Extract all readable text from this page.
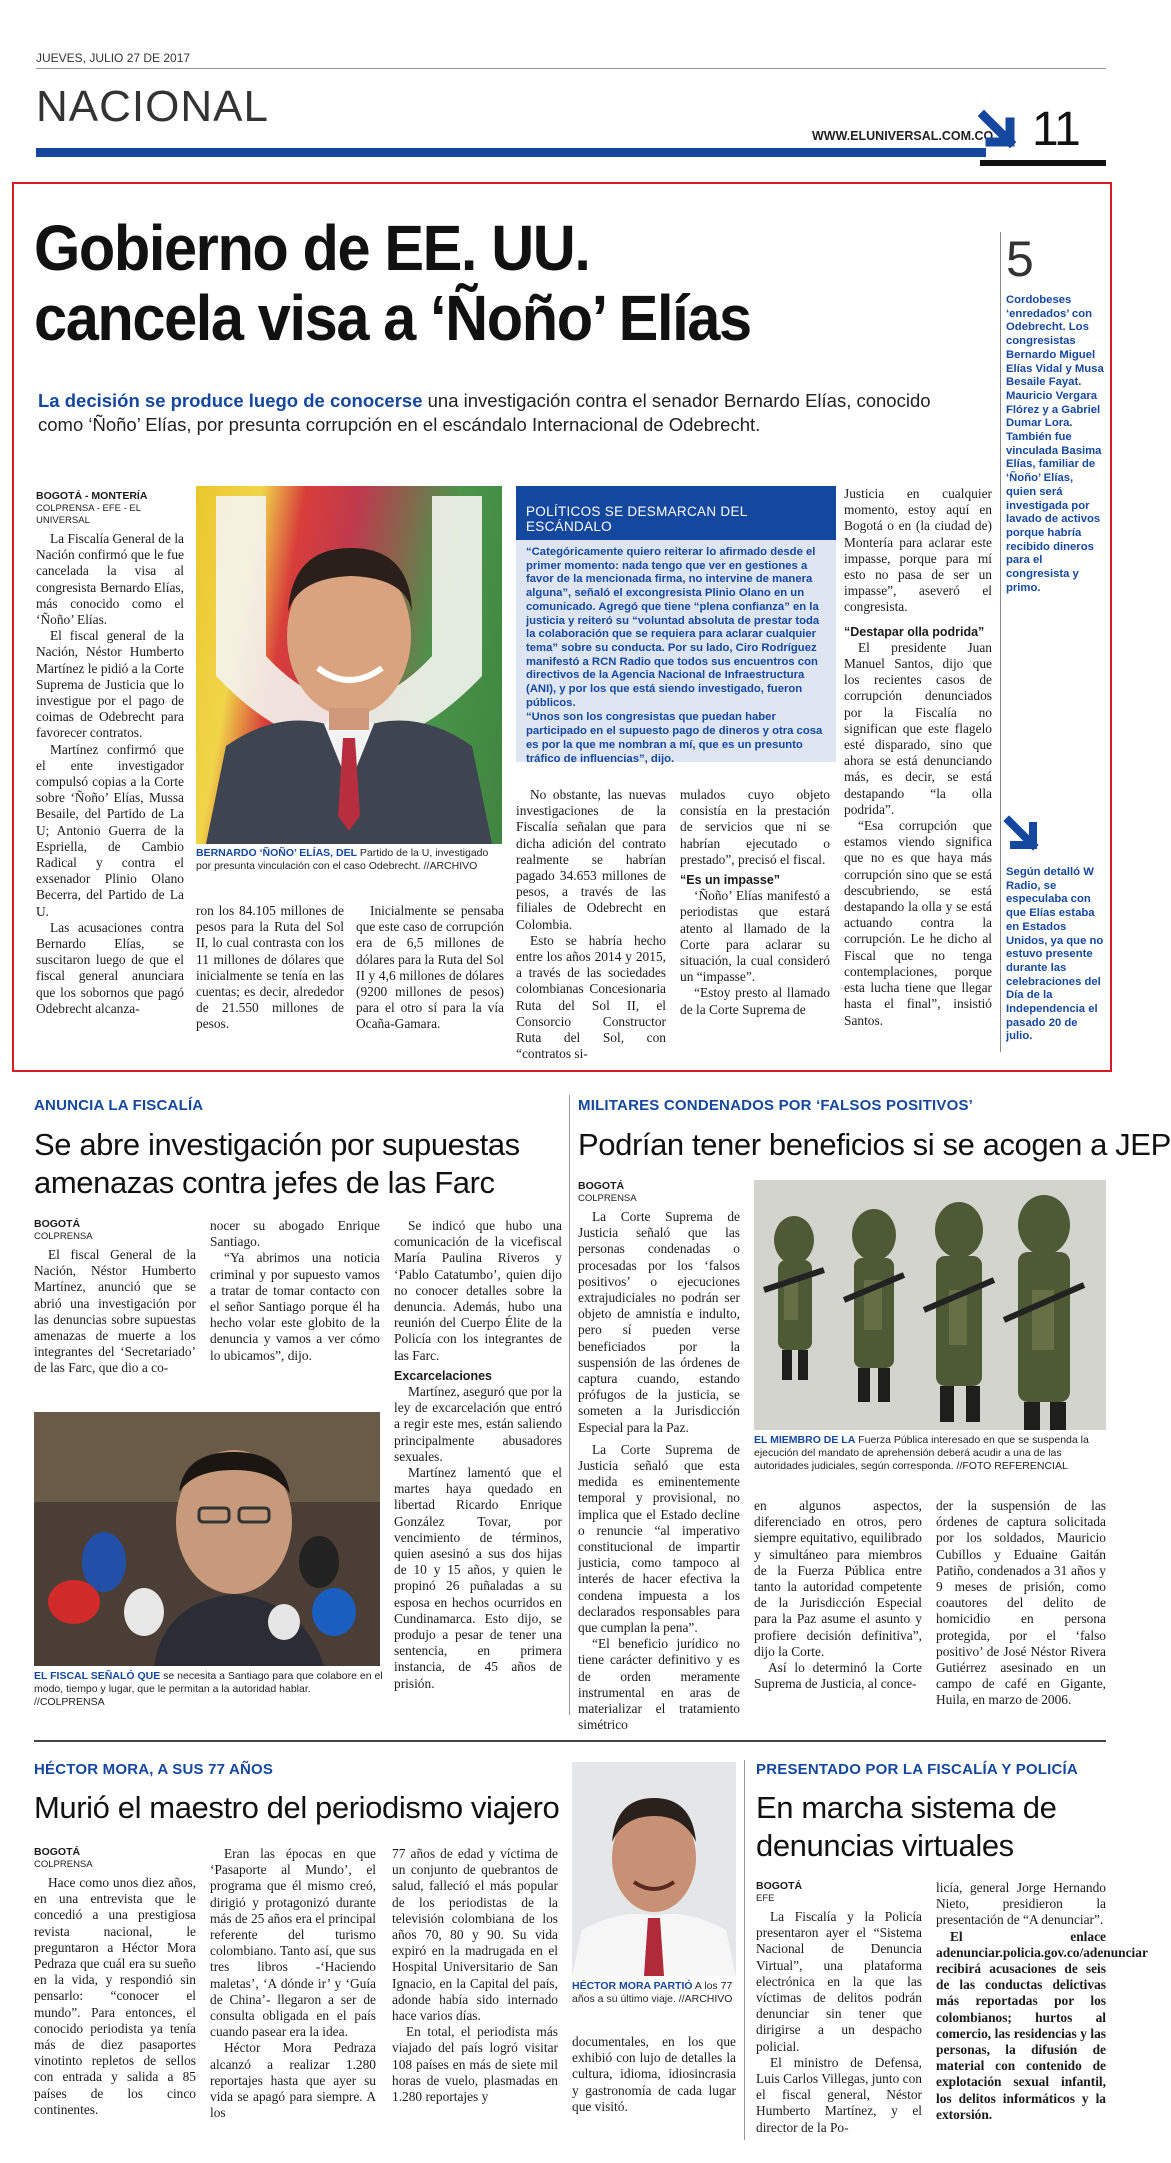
JUEVES, JULIO 27 DE 2017
NACIONAL
WWW.ELUNIVERSAL.COM.CO 11
Gobierno de EE. UU.
cancela visa a ‘Ñoño’ Elías
La decisión se produce luego de conocerse una investigación contra el senador Bernardo Elías, conocido como ‘Ñoño’ Elías, por presunta corrupción en el escándalo Internacional de Odebrecht.
BOGOTÁ - MONTERÍA
COLPRENSA - EFE - EL UNIVERSAL

La Fiscalía General de la Nación confirmó que le fue cancelada la visa al congresista Bernardo Elías, más conocido como el ‘Ñoño’ Elías.

El fiscal general de la Nación, Néstor Humberto Martínez le pidió a la Corte Suprema de Justicia que lo investigue por el pago de coimas de Odebrecht para favorecer contratos.

Martínez confirmó que el ente investigador compulsó copias a la Corte sobre ‘Ñoño’ Elías, Mussa Besaile, del Partido de La U; Antonio Guerra de la Espriella, de Cambio Radical y contra el exsenador Plinio Olano Becerra, del Partido de La U.

Las acusaciones contra Bernardo Elías, se suscitaron luego de que el fiscal general anunciara que los sobornos que pagó Odebrecht alcanza-

BERNARDO ‘ÑOÑO’ ELÍAS, DEL Partido de la U, investigado por presunta vinculación con el caso Odebrecht. //ARCHIVO

ron los 84.105 millones de pesos para la Ruta del Sol II, lo cual contrasta con los 11 millones de dólares que inicialmente se tenía en las cuentas; es decir, alrededor de 21.550 millones de pesos.

Inicialmente se pensaba que este caso de corrupción era de 6,5 millones de dólares para la Ruta del Sol II y 4,6 millones de dólares (9200 millones de pesos) para el otro sí para la vía Ocaña-Gamara.

POLÍTICOS SE DESMARCAN DEL ESCÁNDALO

“Categóricamente quiero reiterar lo afirmado desde el primer momento: nada tengo que ver en gestiones a favor de la mencionada firma, no intervine de manera alguna”, señaló el excongresista Plinio Olano en un comunicado. Agregó que tiene “plena confianza” en la justicia y reiteró su “voluntad absoluta de prestar toda la colaboración que se requiera para aclarar cualquier tema” sobre su conducta. Por su lado, Ciro Rodríguez manifestó a RCN Radio que todos sus encuentros con directivos de la Agencia Nacional de Infraestructura (ANI), y por los que está siendo investigado, fueron públicos.

“Unos son los congresistas que puedan haber participado en el supuesto pago de dineros y otra cosa es por la que me nombran a mí, que es un presunto tráfico de influencias”, dijo.

No obstante, las nuevas investigaciones de la Fiscalía señalan que para dicha adición del contrato realmente se habrían pagado 34.653 millones de pesos, a través de las filiales de Odebrecht en Colombia.

Esto se habría hecho entre los años 2014 y 2015, a través de las sociedades colombianas Concesionaria Ruta del Sol II, el Consorcio Constructor Ruta del Sol, con “contratos si-

mulados cuyo objeto consistía en la prestación de servicios que ni se habrían ejecutado o prestado”, precisó el fiscal.

“Es un impasse”

‘Ñoño’ Elías manifestó a periodistas que estará atento al llamado de la Corte para aclarar su situación, la cual consideró un “impasse”.

“Estoy presto al llamado de la Corte Suprema de

Justicia en cualquier momento, estoy aquí en Bogotá o en (la ciudad de) Montería para aclarar este impasse, porque para mí esto no pasa de ser un impasse”, aseveró el congresista.

“Destapar olla podrida”

El presidente Juan Manuel Santos, dijo que los recientes casos de corrupción denunciados por la Fiscalía no significan que este flagelo esté disparado, sino que ahora se está denunciando más, es decir, se está destapando “la olla podrida”.

“Esa corrupción que estamos viendo significa que no es que haya más corrupción sino que se está descubriendo, se está destapando la olla y se está actuando contra la corrupción. Le he dicho al Fiscal que no tenga contemplaciones, porque esta lucha tiene que llegar hasta el final”, insistió Santos.

5
Cordobeses ‘enredados’ con Odebrecht. Los congresistas Bernardo Miguel Elías Vidal y Musa Besaile Fayat. Mauricio Vergara Flórez y a Gabriel Dumar Lora. También fue vinculada Basima Elías, familiar de ‘Ñoño’ Elías, quien será investigada por lavado de activos porque habría recibido dineros para el congresista y primo.
Según detalló W Radio, se especulaba con que Elías estaba en Estados Unidos, ya que no estuvo presente durante las celebraciones del Día de la Independencia el pasado 20 de julio.
ANUNCIA LA FISCALÍA
Se abre investigación por supuestas amenazas contra jefes de las Farc
BOGOTÁ
COLPRENSA

El fiscal General de la Nación, Néstor Humberto Martínez, anunció que se abrió una investigación por las denuncias sobre supuestas amenazas de muerte a los integrantes del ‘Secretariado’ de las Farc, que dio a co-

nocer su abogado Enrique Santiago.

“Ya abrimos una noticia criminal y por supuesto vamos a tratar de tomar contacto con el señor Santiago porque él ha hecho volar este globito de la denuncia y vamos a ver cómo lo ubicamos”, dijo.

Se indicó que hubo una comunicación de la vicefiscal María Paulina Riveros y ‘Pablo Catatumbo’, quien dijo no conocer detalles sobre la denuncia. Además, hubo una reunión del Cuerpo Élite de la Policía con los integrantes de las Farc.

Excarcelaciones

Martínez, aseguró que por la ley de excarcelación que entró a regir este mes, están saliendo principalmente abusadores sexuales.

Martínez lamentó que el martes haya quedado en libertad Ricardo Enrique González Tovar, por vencimiento de términos, quien asesinó a sus dos hijas de 10 y 15 años, y quien le propinó 26 puñaladas a su esposa en hechos ocurridos en Cundinamarca. Esto dijo, se produjo a pesar de tener una sentencia, en primera instancia, de 45 años de prisión.

EL FISCAL SEÑALÓ QUE se necesita a Santiago para que colabore en el modo, tiempo y lugar, que le permitan a la autoridad hablar. //COLPRENSA
MILITARES CONDENADOS POR ‘FALSOS POSITIVOS’
Podrían tener beneficios si se acogen a JEP
BOGOTÁ
COLPRENSA

La Corte Suprema de Justicia señaló que las personas condenadas o procesadas por los ‘falsos positivos’ o ejecuciones extrajudiciales no podrán ser objeto de amnistía e indulto, pero sí pueden verse beneficiados por la suspensión de las órdenes de captura cuando, estando prófugos de la justicia, se someten a la Jurisdicción Especial para la Paz.

La Corte Suprema de Justicia señaló que esta medida es eminentemente temporal y provisional, no implica que el Estado decline o renuncie “al imperativo constitucional de impartir justicia, como tampoco al interés de hacer efectiva la condena impuesta a los declarados responsables para que cumplan la pena”.

“El beneficio jurídico no tiene carácter definitivo y es de orden meramente instrumental en aras de materializar el tratamiento simétrico

EL MIEMBRO DE LA Fuerza Pública interesado en que se suspenda la ejecución del mandato de aprehensión deberá acudir a una de las autoridades judiciales, según corresponda. //FOTO REFERENCIAL

en algunos aspectos, diferenciado en otros, pero siempre equitativo, equilibrado y simultáneo para miembros de la Fuerza Pública entre tanto la autoridad competente de la Jurisdicción Especial para la Paz asume el asunto y profiere decisión definitiva”, dijo la Corte.

Así lo determinó la Corte Suprema de Justicia, al conce-

der la suspensión de las órdenes de captura solicitada por los soldados, Mauricio Cubillos y Eduaine Gaitán Patiño, condenados a 31 años y 9 meses de prisión, como coautores del delito de homicidio en persona protegida, por el ‘falso positivo’ de José Néstor Rivera Gutiérrez asesinado en un campo de café en Gigante, Huila, en marzo de 2006.

HÉCTOR MORA, A SUS 77 AÑOS
Murió el maestro del periodismo viajero
BOGOTÁ
COLPRENSA

Hace como unos diez años, en una entrevista que le concedió a una prestigiosa revista nacional, le preguntaron a Héctor Mora Pedraza que cuál era su sueño en la vida, y respondió sin pensarlo: “conocer el mundo”. Para entonces, el conocido periodista ya tenía más de diez pasaportes vinotinto repletos de sellos con entrada y salida a 85 países de los cinco continentes.

Eran las épocas en que ‘Pasaporte al Mundo’, el programa que él mismo creó, dirigió y protagonizó durante más de 25 años era el principal referente del turismo colombiano. Tanto así, que sus tres libros -‘Haciendo maletas’, ‘A dónde ir’ y ‘Guía de China’- llegaron a ser de consulta obligada en el país cuando pasear era la idea.

Héctor Mora Pedraza alcanzó a realizar 1.280 reportajes hasta que ayer su vida se apagó para siempre. A los

77 años de edad y víctima de un conjunto de quebrantos de salud, falleció el más popular de los periodistas de la televisión colombiana de los años 70, 80 y 90. Su vida expiró en la madrugada en el Hospital Universitario de San Ignacio, en la Capital del país, adonde había sido internado hace varios días.

En total, el periodista más viajado del país logró visitar 108 países en más de siete mil horas de vuelo, plasmadas en 1.280 reportajes y

HÉCTOR MORA PARTIÓ A los 77 años a su último viaje. //ARCHIVO

documentales, en los que exhibió con lujo de detalles la cultura, idioma, idiosincrasia y gastronomía de cada lugar que visitó.

PRESENTADO POR LA FISCALÍA Y POLICÍA
En marcha sistema de denuncias virtuales
BOGOTÁ
EFE

La Fiscalía y la Policía presentaron ayer el “Sistema Nacional de Denuncia Virtual”, una plataforma electrónica en la que las víctimas de delitos podrán denunciar sin tener que dirigirse a un despacho policial.

El ministro de Defensa, Luis Carlos Villegas, junto con el fiscal general, Néstor Humberto Martínez, y el director de la Po-

licía, general Jorge Hernando Nieto, presidieron la presentación de “A denunciar”.

El enlace adenunciar.policia.gov.co/adenunciar recibirá acusaciones de seis de las conductas delictivas más reportadas por los colombianos; hurtos al comercio, las residencias y las personas, la difusión de material con contenido de explotación sexual infantil, los delitos informáticos y la extorsión.
